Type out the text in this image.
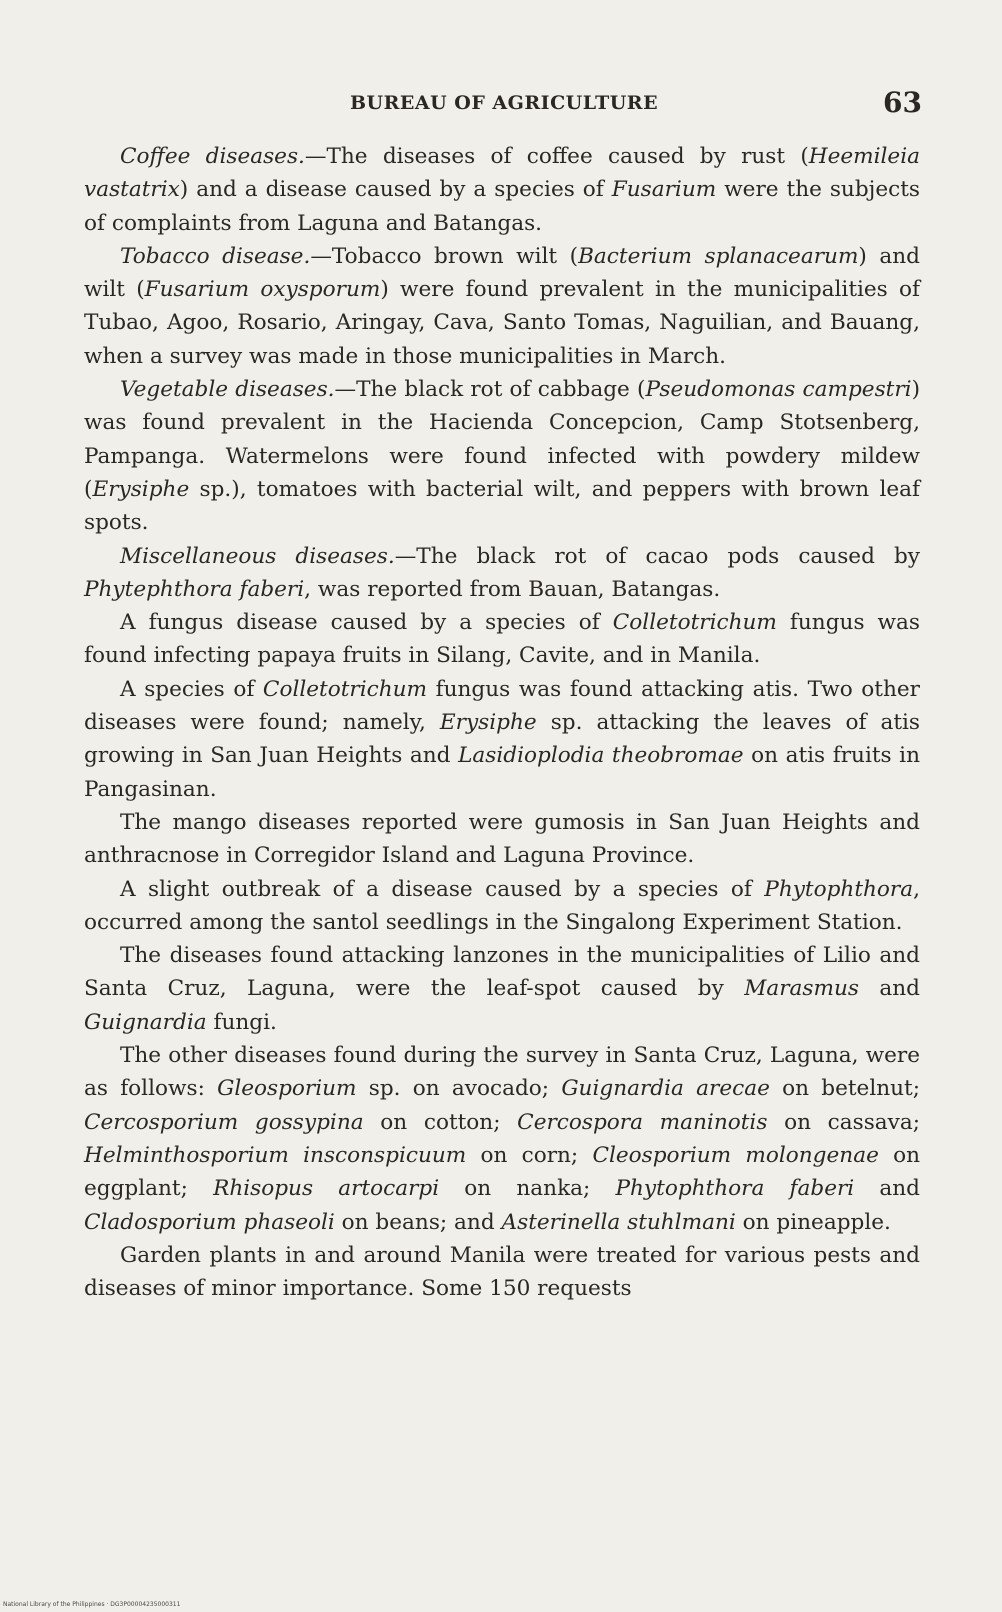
BUREAU OF AGRICULTURE	63

Coffee diseases.—The diseases of coffee caused by rust (Heemileia vastatrix) and a disease caused by a species of Fusarium were the subjects of complaints from Laguna and Batangas.

Tobacco disease.—Tobacco brown wilt (Bacterium splanacearum) and wilt (Fusarium oxysporum) were found prevalent in the municipalities of Tubao, Agoo, Rosario, Aringay, Cava, Santo Tomas, Naguilian, and Bauang, when a survey was made in those municipalities in March.

Vegetable diseases.—The black rot of cabbage (Pseudomonas campestri) was found prevalent in the Hacienda Concepcion, Camp Stotsenberg, Pampanga. Watermelons were found infected with powdery mildew (Erysiphe sp.), tomatoes with bacterial wilt, and peppers with brown leaf spots.

Miscellaneous diseases.—The black rot of cacao pods caused by Phytephthora faberi, was reported from Bauan, Batangas.

A fungus disease caused by a species of Colletotrichum fungus was found infecting papaya fruits in Silang, Cavite, and in Manila.

A species of Colletotrichum fungus was found attacking atis. Two other diseases were found; namely, Erysiphe sp. attacking the leaves of atis growing in San Juan Heights and Lasidioplodia theobromae on atis fruits in Pangasinan.

The mango diseases reported were gumosis in San Juan Heights and anthracnose in Corregidor Island and Laguna Province.

A slight outbreak of a disease caused by a species of Phytophthora, occurred among the santol seedlings in the Singalong Experiment Station.

The diseases found attacking lanzones in the municipalities of Lilio and Santa Cruz, Laguna, were the leaf-spot caused by Marasmus and Guignardia fungi.

The other diseases found during the survey in Santa Cruz, Laguna, were as follows: Gleosporium sp. on avocado; Guignardia arecae on betelnut; Cercosporium gossypina on cotton; Cercospora maninotis on cassava; Helminthosporium insconspicuum on corn; Cleosporium molongenae on eggplant; Rhisopus artocarpi on nanka; Phytophthora faberi and Cladosporium phaseoli on beans; and Asterinella stuhlmani on pineapple.

Garden plants in and around Manila were treated for various pests and diseases of minor importance. Some 150 requests

National Library of the Philippines · DG3P00004235000311
